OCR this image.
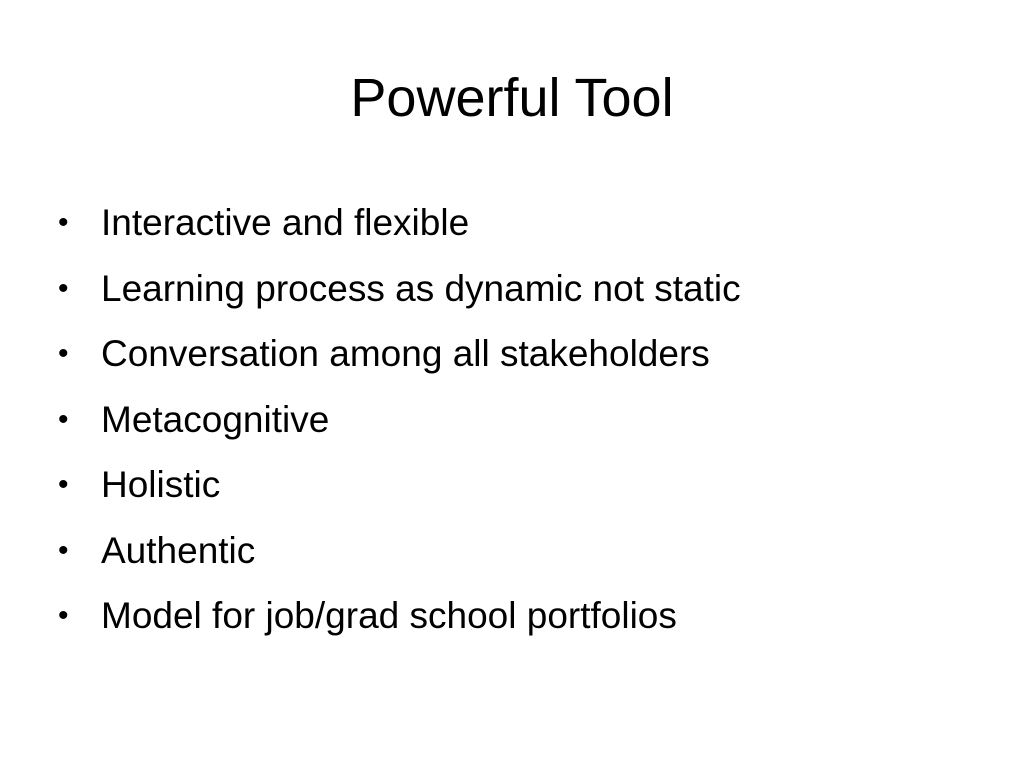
Powerful Tool
• Interactive and flexible
• Learning process as dynamic not static
• Conversation among all stakeholders
• Metacognitive
• Holistic
• Authentic
• Model for job/grad school portfolios
